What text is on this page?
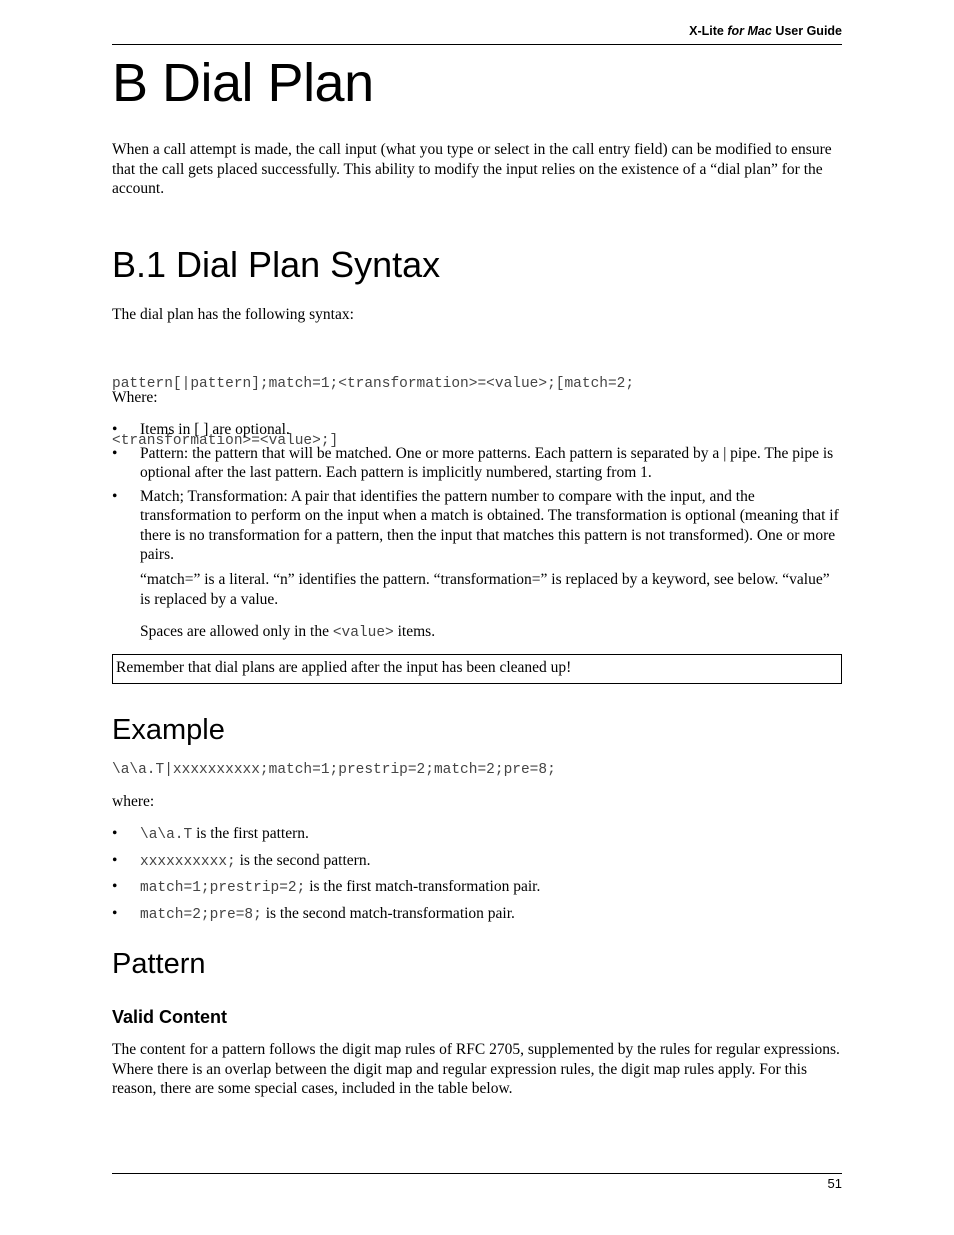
X-Lite for Mac User Guide
B Dial Plan

When a call attempt is made, the call input (what you type or select in the call entry field) can be modified to ensure that the call gets placed successfully. This ability to modify the input relies on the existence of a “dial plan” for the account.

B.1 Dial Plan Syntax

The dial plan has the following syntax:

pattern[|pattern];match=1;<transformation>=<value>;[match=2;

<transformation>=<value>;]

Where:

• Items in [ ] are optional.
• Pattern: the pattern that will be matched. One or more patterns. Each pattern is separated by a | pipe. The pipe is optional after the last pattern. Each pattern is implicitly numbered, starting from 1.
• Match; Transformation: A pair that identifies the pattern number to compare with the input, and the transformation to perform on the input when a match is obtained. The transformation is optional (meaning that if there is no transformation for a pattern, then the input that matches this pattern is not transformed). One or more pairs.

“match=” is a literal. “n” identifies the pattern. “transformation=” is replaced by a keyword, see below. “value” is replaced by a value.

Spaces are allowed only in the <value> items.

Remember that dial plans are applied after the input has been cleaned up!
Example
\a\a.T|xxxxxxxxxx;match=1;prestrip=2;match=2;pre=8;

where:

• \a\a.T is the first pattern.
• xxxxxxxxxx; is the second pattern.
• match=1;prestrip=2; is the first match-transformation pair.
• match=2;pre=8; is the second match-transformation pair.
Pattern
Valid Content

The content for a pattern follows the digit map rules of RFC 2705, supplemented by the rules for regular expressions. Where there is an overlap between the digit map and regular expression rules, the digit map rules apply. For this reason, there are some special cases, included in the table below.

51
